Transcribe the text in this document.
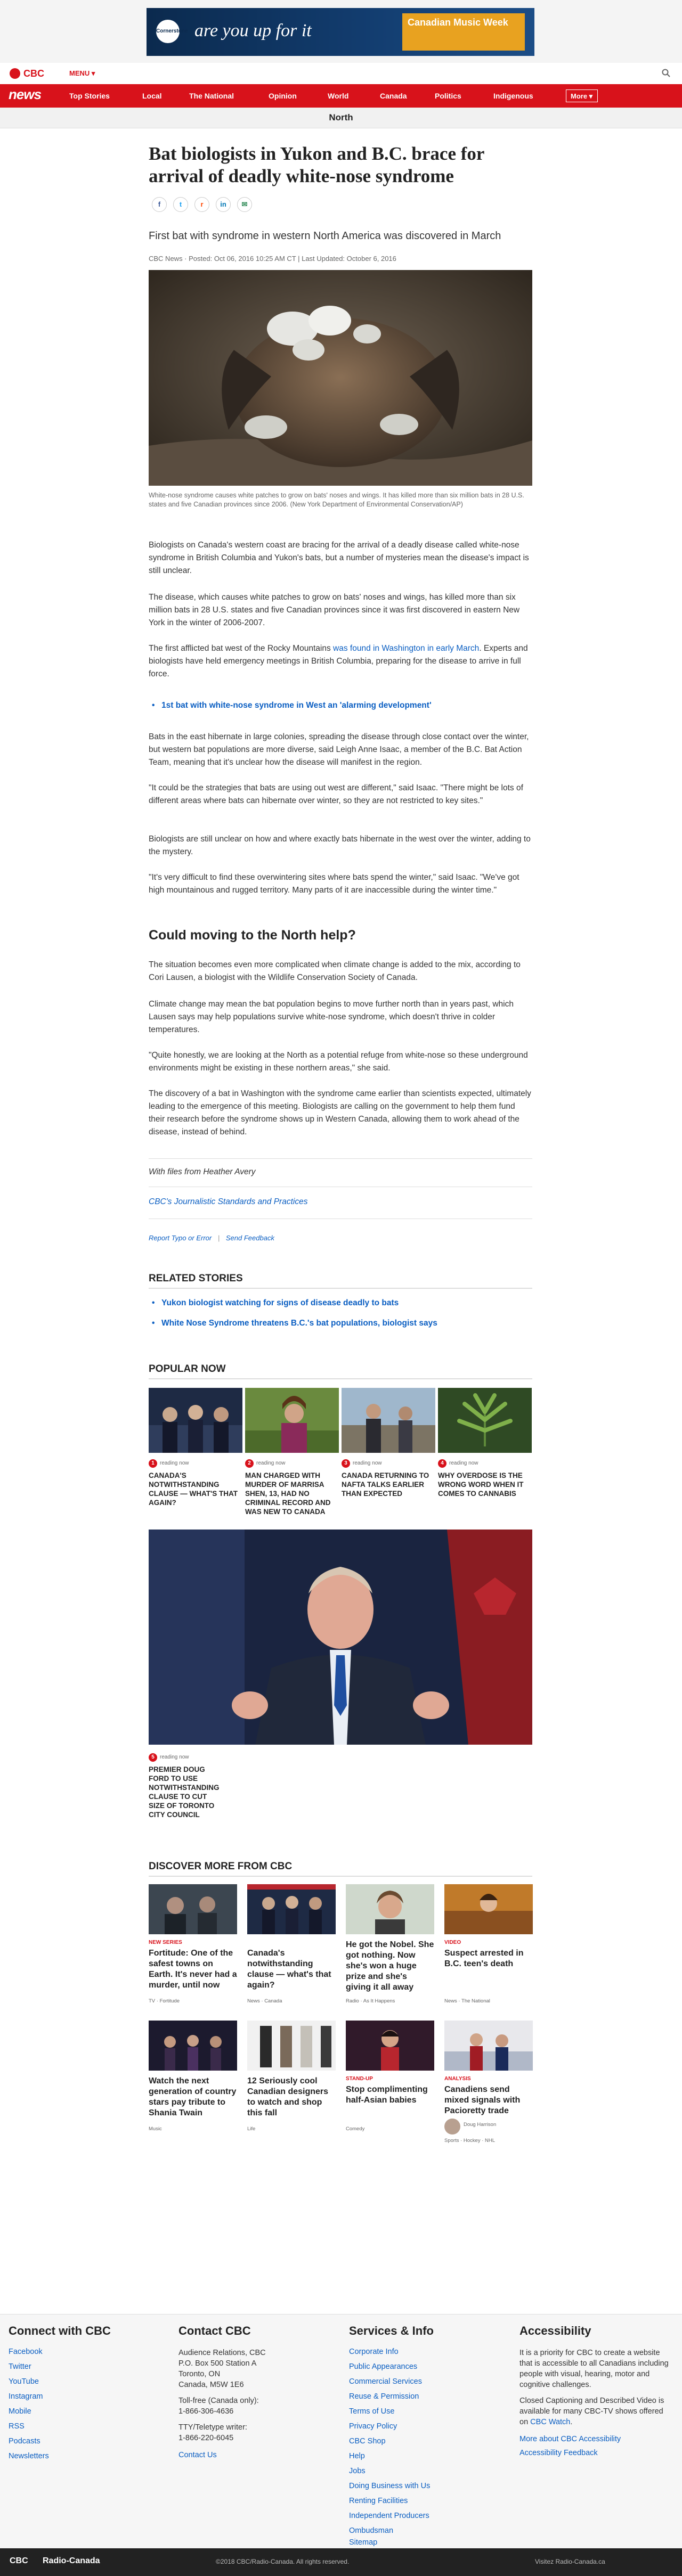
Cornerstone are you up for it	Canadian Music Week
CBC	MENU ▾
news	Top Stories	Local	The National	Opinion	World	Canada	Politics	Indigenous	More ▾
North
Bat biologists in Yukon and B.C. brace for arrival of deadly white-nose syndrome
f	t	r	in	✉
First bat with syndrome in western North America was discovered in March
CBC News · Posted: Oct 06, 2016 10:25 AM CT | Last Updated: October 6, 2016
White-nose syndrome causes white patches to grow on bats' noses and wings. It has killed more than six million bats in 28 U.S. states and five Canadian provinces since 2006. (New York Department of Environmental Conservation/AP)

Biologists on Canada's western coast are bracing for the arrival of a deadly disease called white-nose syndrome in British Columbia and Yukon's bats, but a number of mysteries mean the disease's impact is still unclear.

The disease, which causes white patches to grow on bats' noses and wings, has killed more than six million bats in 28 U.S. states and five Canadian provinces since it was first discovered in eastern New York in the winter of 2006-2007.

The first afflicted bat west of the Rocky Mountains was found in Washington in early March. Experts and biologists have held emergency meetings in British Columbia, preparing for the disease to arrive in full force.

• 1st bat with white-nose syndrome in West an 'alarming development'

Bats in the east hibernate in large colonies, spreading the disease through close contact over the winter, but western bat populations are more diverse, said Leigh Anne Isaac, a member of the B.C. Bat Action Team, meaning that it's unclear how the disease will manifest in the region.

"It could be the strategies that bats are using out west are different," said Isaac. "There might be lots of different areas where bats can hibernate over winter, so they are not restricted to key sites."

Biologists are still unclear on how and where exactly bats hibernate in the west over the winter, adding to the mystery.

"It's very difficult to find these overwintering sites where bats spend the winter," said Isaac. "We've got high mountainous and rugged territory. Many parts of it are inaccessible during the winter time."

Could moving to the North help?

The situation becomes even more complicated when climate change is added to the mix, according to Cori Lausen, a biologist with the Wildlife Conservation Society of Canada.

Climate change may mean the bat population begins to move further north than in years past, which Lausen says may help populations survive white-nose syndrome, which doesn't thrive in colder temperatures.

"Quite honestly, we are looking at the North as a potential refuge from white-nose so these underground environments might be existing in these northern areas," she said.

The discovery of a bat in Washington with the syndrome came earlier than scientists expected, ultimately leading to the emergence of this meeting. Biologists are calling on the government to help them fund their research before the syndrome shows up in Western Canada, allowing them to work ahead of the disease, instead of behind.

With files from Heather Avery
CBC's Journalistic Standards and Practices
Report Typo or Error | Send Feedback
RELATED STORIES
• Yukon biologist watching for signs of disease deadly to bats
• White Nose Syndrome threatens B.C.'s bat populations, biologist says
POPULAR NOW
1 reading now
CANADA'S NOTWITHSTANDING CLAUSE — WHAT'S THAT AGAIN?
2 reading now
MAN CHARGED WITH MURDER OF MARRISA SHEN, 13, HAD NO CRIMINAL RECORD AND WAS NEW TO CANADA
3 reading now
CANADA RETURNING TO NAFTA TALKS EARLIER THAN EXPECTED
4 reading now
WHY OVERDOSE IS THE WRONG WORD WHEN IT COMES TO CANNABIS
5 reading now
PREMIER DOUG FORD TO USE NOTWITHSTANDING CLAUSE TO CUT SIZE OF TORONTO CITY COUNCIL
DISCOVER MORE FROM CBC
NEW SERIES
Fortitude: One of the safest towns on Earth. It's never had a murder, until now
TV · Fortitude
Canada's notwithstanding clause — what's that again?
News · Canada
He got the Nobel. She got nothing. Now she's won a huge prize and she's giving it all away
Radio · As It Happens
VIDEO
Suspect arrested in B.C. teen's death
News · The National
Watch the next generation of country stars pay tribute to Shania Twain
Music
12 Seriously cool Canadian designers to watch and shop this fall
Life
STAND-UP
Stop complimenting half-Asian babies
Comedy
ANALYSIS
Canadiens send mixed signals with Pacioretty trade
Doug Harrison
Sports · Hockey · NHL
Connect with CBC
Facebook
Twitter
YouTube
Instagram
Mobile
RSS
Podcasts
Newsletters
Contact CBC
Audience Relations, CBC
P.O. Box 500 Station A
Toronto, ON
Canada, M5W 1E6
Toll-free (Canada only):
1-866-306-4636
TTY/Teletype writer:
1-866-220-6045
Contact Us
Services & Info
Corporate Info
Public Appearances
Commercial Services
Reuse & Permission
Terms of Use
Privacy Policy
CBC Shop
Help
Jobs
Doing Business with Us
Renting Facilities
Independent Producers
Ombudsman
Sitemap
Accessibility
It is a priority for CBC to create a website that is accessible to all Canadians including people with visual, hearing, motor and cognitive challenges.
Closed Captioning and Described Video is available for many CBC-TV shows offered on CBC Watch.
More about CBC Accessibility
Accessibility Feedback
CBC Radio-Canada	©2018 CBC/Radio-Canada. All rights reserved.	Visitez Radio-Canada.ca
